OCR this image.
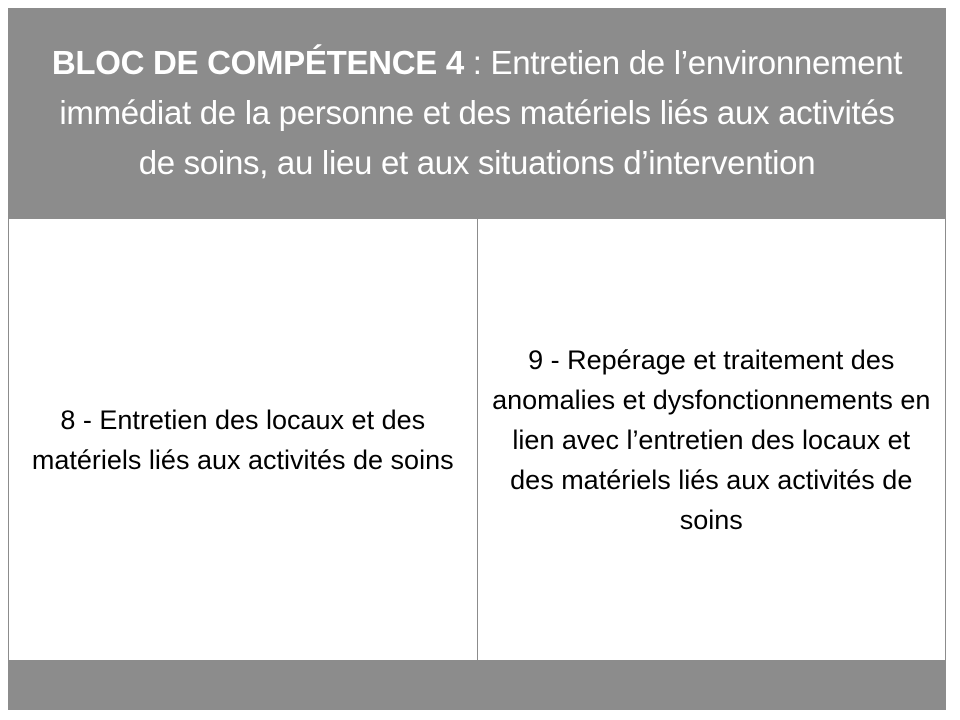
BLOC DE COMPÉTENCE 4 : Entretien de l’environnement immédiat de la personne et des matériels liés aux activités de soins, au lieu et aux situations d’intervention
8 - Entretien des locaux et des matériels liés aux activités de soins
9 - Repérage et traitement des anomalies et dysfonctionnements en lien avec l’entretien des locaux et des matériels liés aux activités de soins
